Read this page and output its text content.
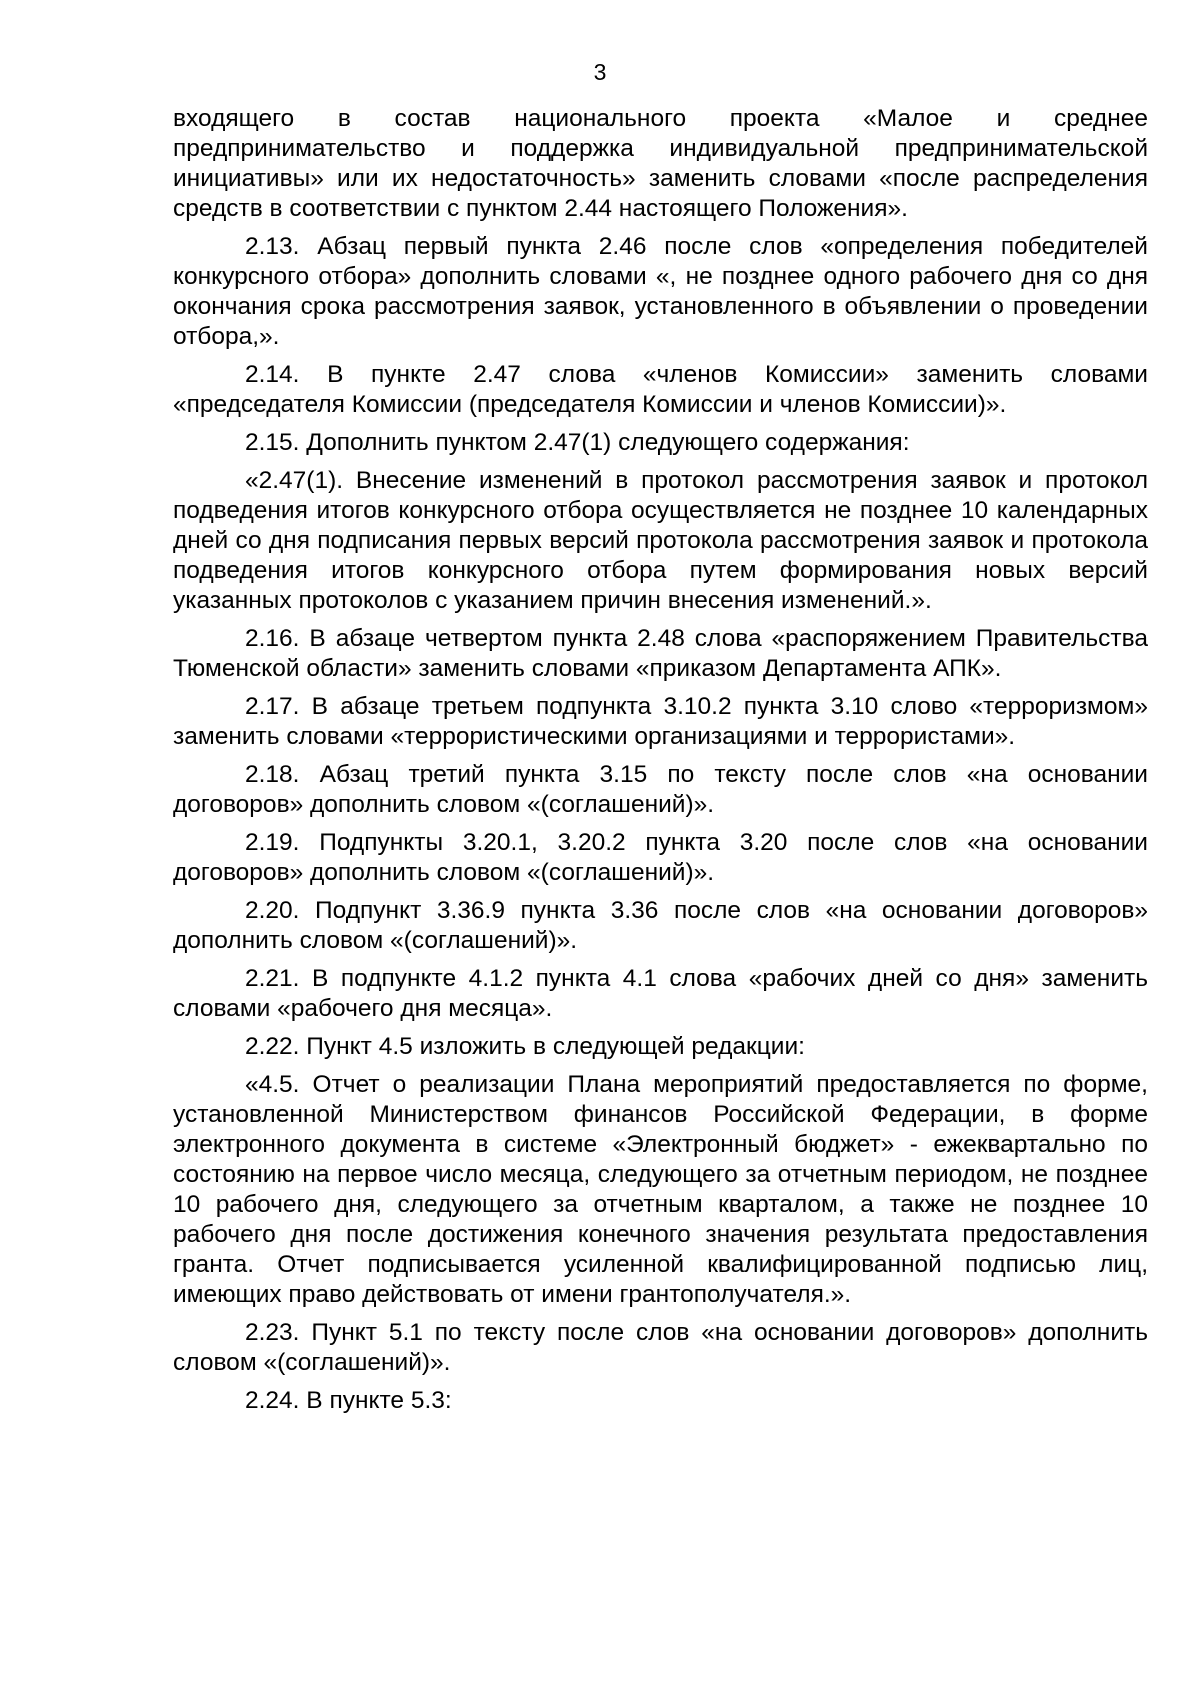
3

входящего в состав национального проекта «Малое и среднее предпринимательство и поддержка индивидуальной предпринимательской инициативы» или их недостаточность» заменить словами «после распределения средств в соответствии с пунктом 2.44 настоящего Положения».

2.13. Абзац первый пункта 2.46 после слов «определения победителей конкурсного отбора» дополнить словами «, не позднее одного рабочего дня со дня окончания срока рассмотрения заявок, установленного в объявлении о проведении отбора,».

2.14. В пункте 2.47 слова «членов Комиссии» заменить словами «председателя Комиссии (председателя Комиссии и членов Комиссии)».

2.15. Дополнить пунктом 2.47(1) следующего содержания:

«2.47(1). Внесение изменений в протокол рассмотрения заявок и протокол подведения итогов конкурсного отбора осуществляется не позднее 10 календарных дней со дня подписания первых версий протокола рассмотрения заявок и протокола подведения итогов конкурсного отбора путем формирования новых версий указанных протоколов с указанием причин внесения изменений.».

2.16. В абзаце четвертом пункта 2.48 слова «распоряжением Правительства Тюменской области» заменить словами «приказом Департамента АПК».

2.17. В абзаце третьем подпункта 3.10.2 пункта 3.10 слово «терроризмом» заменить словами «террористическими организациями и террористами».

2.18. Абзац третий пункта 3.15 по тексту после слов «на основании договоров» дополнить словом «(соглашений)».

2.19. Подпункты 3.20.1, 3.20.2 пункта 3.20 после слов «на основании договоров» дополнить словом «(соглашений)».

2.20. Подпункт 3.36.9 пункта 3.36 после слов «на основании договоров» дополнить словом «(соглашений)».

2.21. В подпункте 4.1.2 пункта 4.1 слова «рабочих дней со дня» заменить словами «рабочего дня месяца».

2.22. Пункт 4.5 изложить в следующей редакции:

«4.5. Отчет о реализации Плана мероприятий предоставляется по форме, установленной Министерством финансов Российской Федерации, в форме электронного документа в системе «Электронный бюджет» - ежеквартально по состоянию на первое число месяца, следующего за отчетным периодом, не позднее 10 рабочего дня, следующего за отчетным кварталом, а также не позднее 10 рабочего дня после достижения конечного значения результата предоставления гранта. Отчет подписывается усиленной квалифицированной подписью лиц, имеющих право действовать от имени грантополучателя.».

2.23. Пункт 5.1 по тексту после слов «на основании договоров» дополнить словом «(соглашений)».

2.24. В пункте 5.3:
